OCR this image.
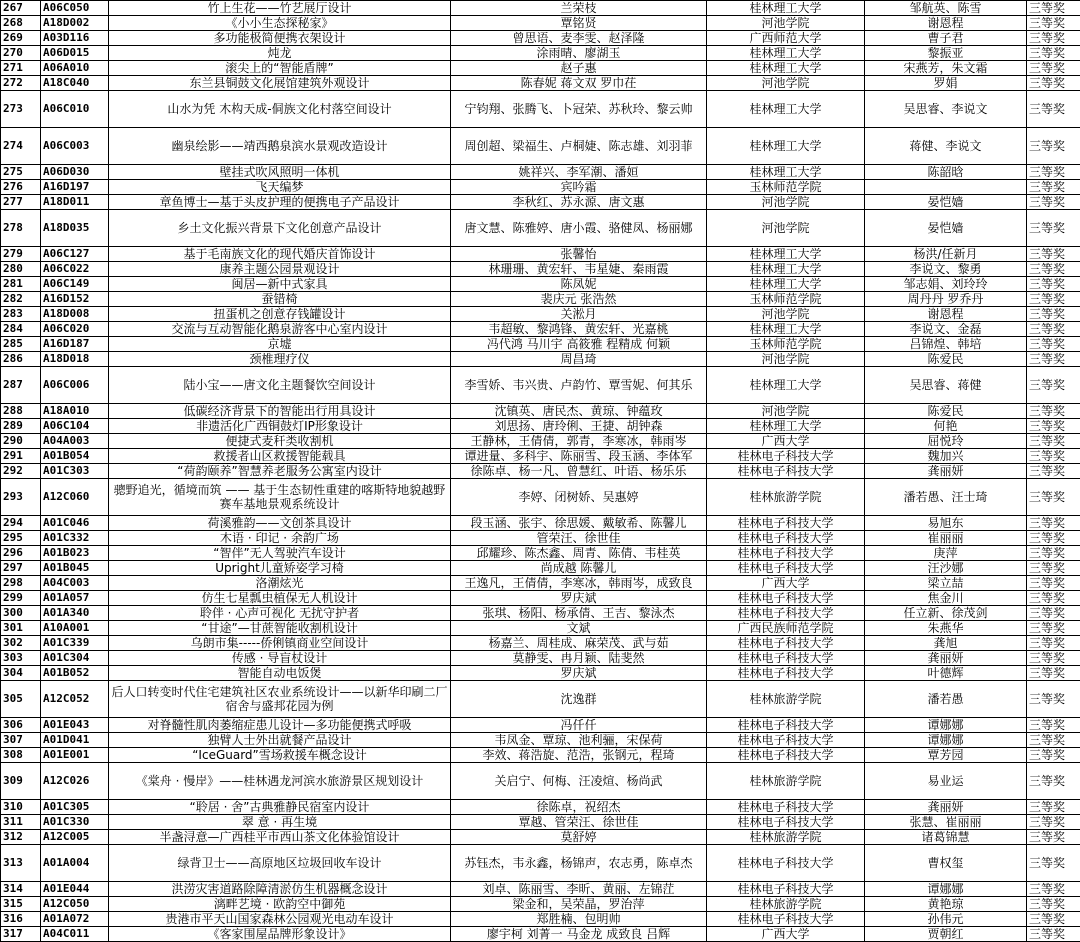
267	A06C050	竹上生花——竹艺展厅设计	兰荣枝	桂林理工大学	邹航英、陈雪	三等奖
268	A18D002	《小小生态探秘家》	覃铭贤	河池学院	谢恩程	三等奖
269	A03D116	多功能极简便携衣架设计	曾思语、麦李雯、赵泽隆	广西师范大学	曹子君	三等奖
270	A06D015	炖龙	涂雨晴、廖湖玉	桂林理工大学	黎振亚	三等奖
271	A06A010	滚尖上的“智能盾牌”	赵子惠	桂林理工大学	宋燕芳，朱文霜	三等奖
272	A18C040	东兰县铜鼓文化展馆建筑外观设计	陈春妮 蒋文双 罗巾茌	河池学院	罗娟	三等奖
273	A06C010	山水为凭 木构天成-侗族文化村落空间设计	宁钧翔、张腾飞、卜冠荣、苏秋玲、黎云帅	桂林理工大学	吴思睿、李说文	三等奖
274	A06C003	幽泉绘影——靖西鹅泉滨水景观改造设计	周创超、梁福生、卢桐婕、陈志雄、刘羽菲	桂林理工大学	蒋健、李说文	三等奖
275	A06D030	壁挂式吹风照明一体机	姚祥兴、李军潮、潘姮	桂林理工大学	陈韶晗	三等奖
276	A16D197	飞天编梦	宾吟霜	玉林师范学院		三等奖
277	A18D011	章鱼博士—基于头皮护理的便携电子产品设计	李秋红、苏永源、唐文惠	河池学院	晏恺嫱	三等奖
278	A18D035	乡土文化振兴背景下文化创意产品设计	唐文慧、陈雅婷、唐小霞、骆健凤、杨丽娜	河池学院	晏恺嫱	三等奖
279	A06C127	基于毛南族文化的现代婚庆首饰设计	张馨怡	桂林理工大学	杨洪/任新月	三等奖
280	A06C022	康养主题公园景观设计	林珊珊、黄宏轩、韦星婕、秦雨霞	桂林理工大学	李说文、黎勇	三等奖
281	A06C149	闽居—新中式家具	陈凤妮	桂林理工大学	邹志娟、刘玲玲	三等奖
282	A16D152	蚕错椅	裴庆元 张浩然	玉林师范学院	周丹丹 罗乔丹	三等奖
283	A18D008	扭蛋机之创意存钱罐设计	关淞月	河池学院	谢恩程	三等奖
284	A06C020	交流与互动智能化鹅泉游客中心室内设计	韦超敏、黎鸿锋、黄宏轩、光嘉桃	桂林理工大学	李说文、金磊	三等奖
285	A16D187	京墟	冯代鸿 马川宇 高筱雅 程精成 何颖	玉林师范学院	吕锦煌、韩培	三等奖
286	A18D018	颈椎理疗仪	周昌琦	河池学院	陈爱民	三等奖
287	A06C006	陆小宝——唐文化主题餐饮空间设计	李雪娇、韦兴贵、卢韵竹、覃雪妮、何其乐	桂林理工大学	吴思睿、蒋健	三等奖
288	A18A010	低碳经济背景下的智能出行用具设计	沈镇英、唐民杰、黄琼、钟蕴玫	河池学院	陈爱民	三等奖
289	A06C104	非遗活化广西铜鼓灯IP形象设计	刘思扬、唐玲俐、王捷、胡钟森	桂林理工大学	何艳	三等奖
290	A04A003	便捷式麦秆类收割机	王静林，王倩倩，郭青，李寒冰，韩雨岑	广西大学	屈悦玲	三等奖
291	A01B054	救援者山区救援智能载具	谭进量、多科宇、陈丽雪、段玉涵、李体军	桂林电子科技大学	魏加兴	三等奖
292	A01C303	“荷韵颐养”智慧养老服务公寓室内设计	徐陈卓、杨一凡、曾慧红、叶语、杨乐乐	桂林电子科技大学	龚丽妍	三等奖
293	A12C060	骢野追光，循境而筑 —— 基于生态韧性重建的喀斯特地貌越野赛车基地景观系统设计	李婷、闭树娇、吴惠婷	桂林旅游学院	潘若愚、汪士琦	三等奖
294	A01C046	荷溪雅韵——文创茶具设计	段玉涵、张宇、徐思媛、戴敏希、陈馨儿	桂林电子科技大学	易旭东	三等奖
295	A01C332	木语 · 印记 · 余韵广场	管荣汪、徐世佳	桂林电子科技大学	崔丽丽	三等奖
296	A01B023	“智伴”无人驾驶汽车设计	邱耀珍、陈杰鑫、周青、陈倩、韦桂英	桂林电子科技大学	庚萍	三等奖
297	A01B045	Upright儿童矫姿学习椅	尚成越 陈馨儿	桂林电子科技大学	汪沙娜	三等奖
298	A04C003	洛潮炫光	王逸凡，王倩倩，李寒冰，韩雨岑，成致良	广西大学	梁立喆	三等奖
299	A01A057	仿生七星瓢虫植保无人机设计	罗庆斌	桂林电子科技大学	焦金川	三等奖
300	A01A340	聆伴 · 心声可视化 无扰守护者	张琪、杨阳、杨承倩、王吉、黎泳杰	桂林电子科技大学	任立新、徐茂剑	三等奖
301	A10A001	“甘途”—甘蔗智能收割机设计	文斌	广西民族师范学院	朱燕华	三等奖
302	A01C339	乌朗市集-----侨俐镇商业空间设计	杨嘉兰、周桂成、麻荣茂、武与茹	桂林电子科技大学	龚旭	三等奖
303	A01C304	传感 · 导盲杖设计	莫静雯、冉月颖、陆斐然	桂林电子科技大学	龚丽妍	三等奖
304	A01B052	智能自动电饭煲	罗庆斌	桂林电子科技大学	叶德辉	三等奖
305	A12C052	后人口转变时代住宅建筑社区农业系统设计——以新华印刷二厂宿舍与盛邦花园为例	沈逸群	桂林旅游学院	潘若愚	三等奖
306	A01E043	对脊髓性肌肉萎缩症患儿设计—多功能便携式呼吸	冯仟仟	桂林电子科技大学	谭娜娜	三等奖
307	A01D041	独臂人士外出就餐产品设计	韦凤金、覃琼、池利骊，宋保荷	桂林电子科技大学	谭娜娜	三等奖
308	A01E001	“IceGuard”雪场救援车概念设计	李效、蒋浩旋、范浩，张钢元，程琦	桂林电子科技大学	覃芳园	三等奖
309	A12C026	《棠舟 · 慢岸》——桂林遇龙河滨水旅游景区规划设计	关启宁、何梅、汪凌煊、杨尚武	桂林旅游学院	易业运	三等奖
310	A01C305	“聆居 · 舍”古典雅静民宿室内设计	徐陈卓，祝绍杰	桂林电子科技大学	龚丽妍	三等奖
311	A01C330	翠 意 · 再生境	覃越、管荣汪、徐世佳	桂林电子科技大学	张慧、崔丽丽	三等奖
312	A12C005	半盏浔意—广西桂平市西山茶文化体验馆设计	莫舒婷	桂林旅游学院	诸葛锦慧	三等奖
313	A01A004	绿背卫士——高原地区垃圾回收车设计	苏钰杰，韦永鑫，杨锦声，农志勇，陈卓杰	桂林电子科技大学	曹权玺	三等奖
314	A01E044	洪涝灾害道路除障清淤仿生机器概念设计	刘卓、陈丽雪、李昕、黄丽、左锦茳	桂林电子科技大学	谭娜娜	三等奖
315	A12C050	漓畔艺境 · 欧韵空中御苑	梁金和，吴荣晶，罗治萍	桂林旅游学院	黄艳琼	三等奖
316	A01A072	贵港市平天山国家森林公园观光电动车设计	郑胜楠、包明帅	桂林电子科技大学	孙伟元	三等奖
317	A04C011	《客家围屋品牌形象设计》	廖宇柯 刘菁一 马金龙 成致良 吕辉	广西大学	贾朝红	三等奖
